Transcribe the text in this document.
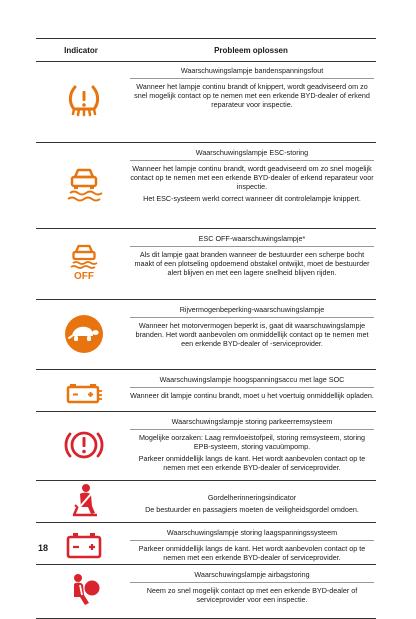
Indicator	Probleem oplossen
Waarschuwingslampje bandenspanningsfout
Wanneer het lampje continu brandt of knippert, wordt geadviseerd om zo snel mogelijk contact op te nemen met een erkende BYD-dealer of erkend reparateur voor inspectie.
Waarschuwingslampje ESC-storing
Wanneer het lampje continu brandt, wordt geadviseerd om zo snel mogelijk contact op te nemen met een erkende BYD-dealer of erkend reparateur voor inspectie.
Het ESC-systeem werkt correct wanneer dit controlelampje knippert.
OFF
ESC OFF-waarschuwingslampje*
Als dit lampje gaat branden wanneer de bestuurder een scherpe bocht maakt of een plotseling opdoemend obstakel ontwijkt, moet de bestuurder alert blijven en met een lagere snelheid blijven rijden.
Rijvermogenbeperking-waarschuwingslampje
Wanneer het motorvermogen beperkt is, gaat dit waarschuwingslampje branden. Het wordt aanbevolen om onmiddellijk contact op te nemen met een erkende BYD-dealer of -serviceprovider.
Waarschuwingslampje hoogspanningsaccu met lage SOC
Wanneer dit lampje continu brandt, moet u het voertuig onmiddellijk opladen.
Waarschuwingslampje storing parkeerremsysteem
Mogelijke oorzaken: Laag remvloeistofpeil, storing remsysteem, storing EPB-systeem, storing vacuümpomp.
Parkeer onmiddellijk langs de kant. Het wordt aanbevolen contact op te nemen met een erkende BYD-dealer of serviceprovider.
Gordelherinneringsindicator
De bestuurder en passagiers moeten de veiligheidsgordel omdoen.
Waarschuwingslampje storing laagspanningssysteem
Parkeer onmiddellijk langs de kant. Het wordt aanbevolen contact op te nemen met een erkende BYD-dealer of serviceprovider.
Waarschuwingslampje airbagstoring
Neem zo snel mogelijk contact op met een erkende BYD-dealer of serviceprovider voor een inspectie.
18
